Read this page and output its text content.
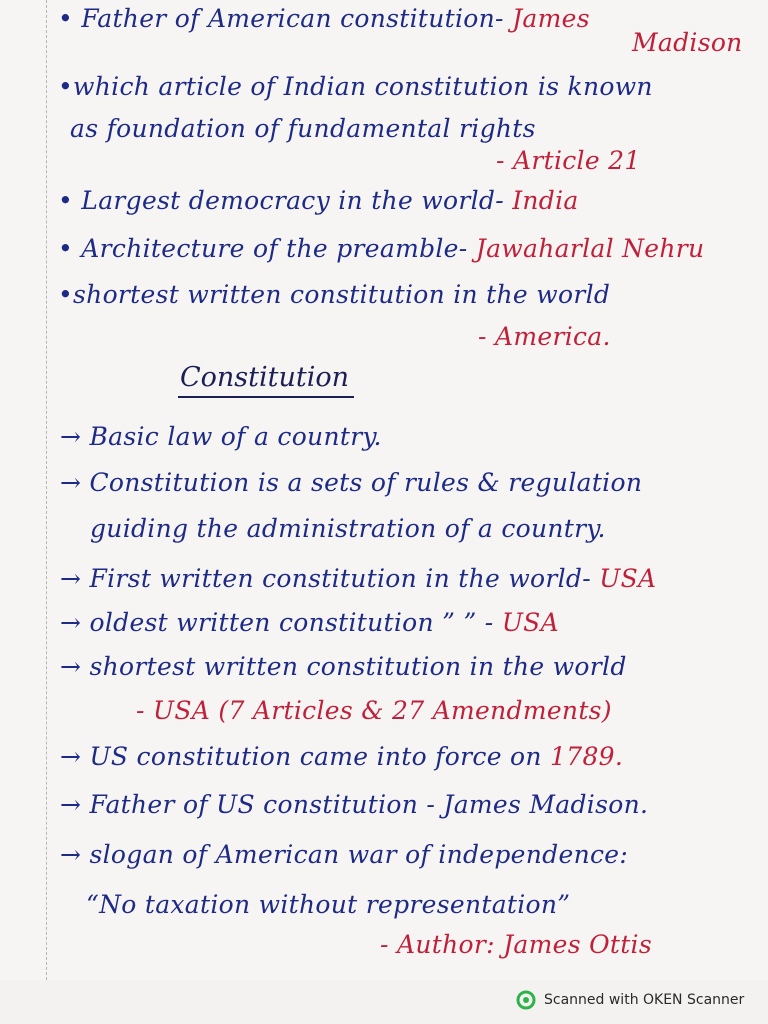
• Father of American constitution- James
Madison
•which article of Indian constitution is known
as foundation of fundamental rights
- Article 21
• Largest democracy in the world- India
• Architecture of the preamble- Jawaharlal Nehru
•shortest written constitution in the world
- America.
Constitution
→ Basic law of a country.
→ Constitution is a sets of rules & regulation
guiding the administration of a country.
→ First written constitution in the world- USA
→ oldest written constitution ” ” - USA
→ shortest written constitution in the world
- USA (7 Articles & 27 Amendments)
→ US constitution came into force on 1789.
→ Father of US constitution - James Madison.
→ slogan of American war of independence:
“No taxation without representation”
- Author: James Ottis
Scanned with OKEN Scanner
